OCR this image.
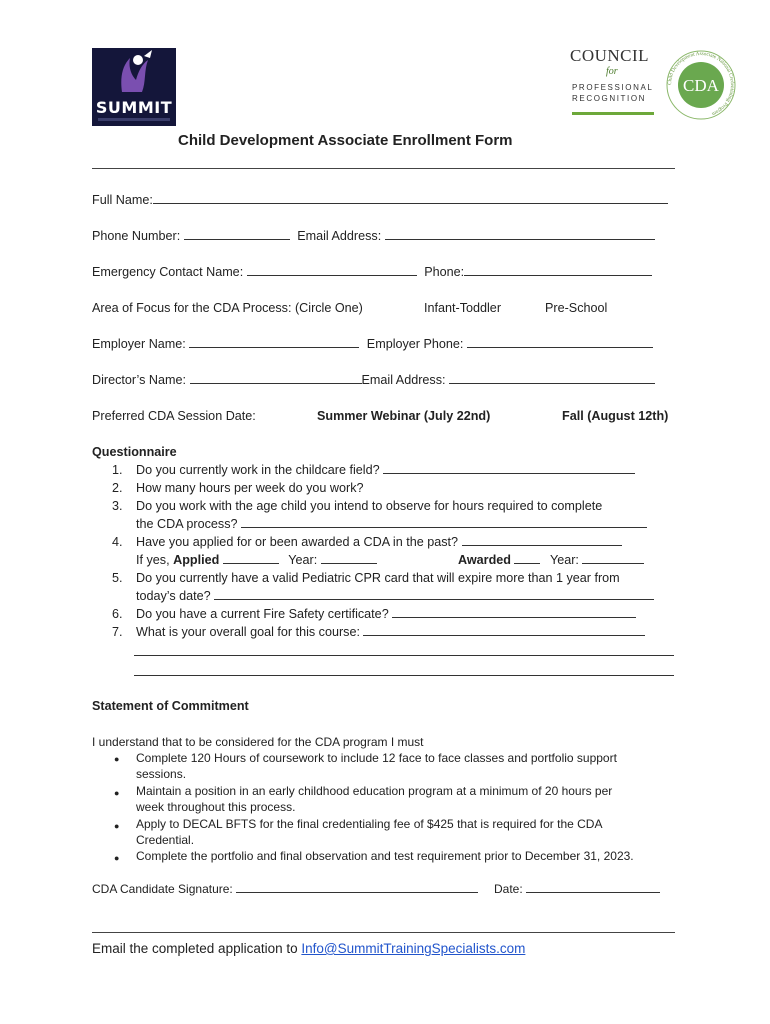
SUMMIT
COUNCIL
for
PROFESSIONAL
RECOGNITION
Child Development Associate National Credentialing Program
CDA
Child Development Associate Enrollment Form
Full Name:
Phone Number:	Email Address:
Emergency Contact Name:	Phone:
Area of Focus for the CDA Process: (Circle One)	Infant-Toddler	Pre-School
Employer Name:	Employer Phone:
Director’s Name:	Email Address:
Preferred CDA Session Date:	Summer Webinar (July 22nd)	Fall (August 12th)
Questionnaire
1. Do you currently work in the childcare field?
2. How many hours per week do you work?
3. Do you work with the age child you intend to observe for hours required to complete
the CDA process?
4. Have you applied for or been awarded a CDA in the past?
If yes, Applied	Year:	Awarded	Year:
5. Do you currently have a valid Pediatric CPR card that will expire more than 1 year from
today’s date?
6. Do you have a current Fire Safety certificate?
7. What is your overall goal for this course:
Statement of Commitment
I understand that to be considered for the CDA program I must
● Complete 120 Hours of coursework to include 12 face to face classes and portfolio support
sessions.
● Maintain a position in an early childhood education program at a minimum of 20 hours per
week throughout this process.
● Apply to DECAL BFTS for the final credentialing fee of $425 that is required for the CDA
Credential.
● Complete the portfolio and final observation and test requirement prior to December 31, 2023.
CDA Candidate Signature:	Date:
Email the completed application to Info@SummitTrainingSpecialists.com
